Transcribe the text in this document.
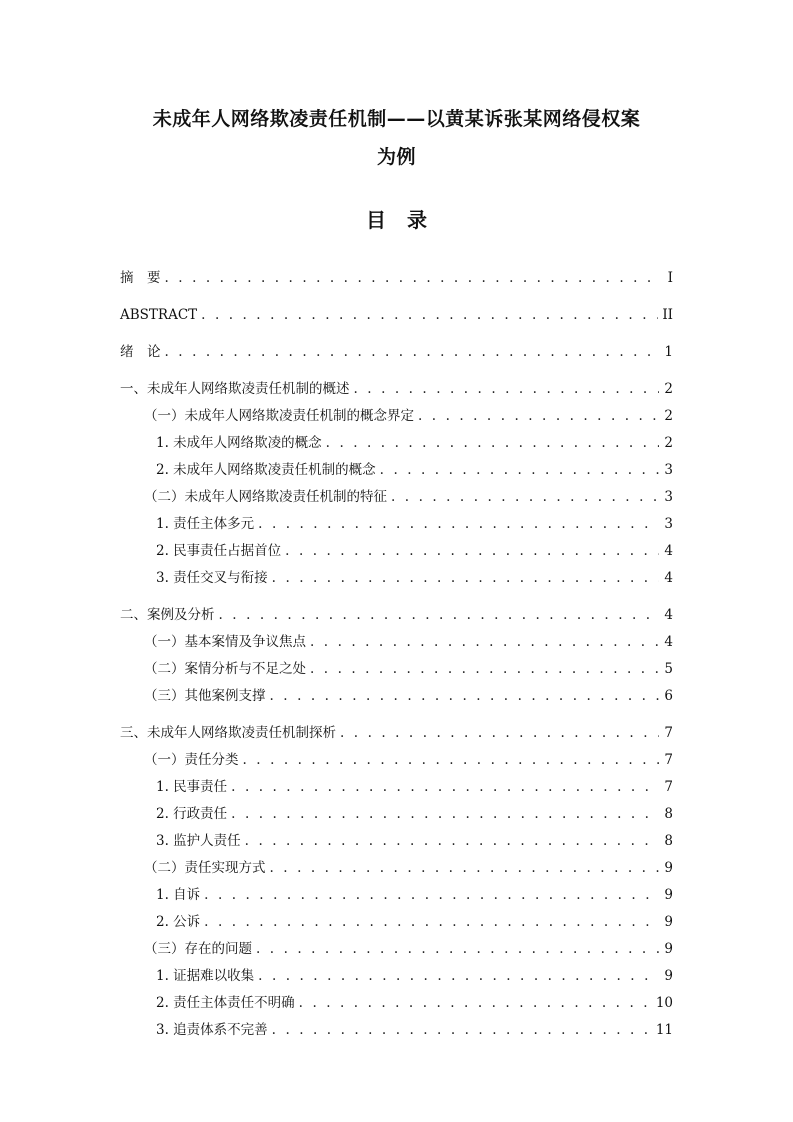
未成年人网络欺凌责任机制——以黄某诉张某网络侵权案

为例

目 录
摘　要 . . .	I
ABSTRACT . . .	II
绪　论 . . .	1
一、未成年人网络欺凌责任机制的概述 . . .	2
（一）未成年人网络欺凌责任机制的概念界定 . . .	2
1. 未成年人网络欺凌的概念 . . .	2
2. 未成年人网络欺凌责任机制的概念 . . .	3
（二）未成年人网络欺凌责任机制的特征 . . .	3
1. 责任主体多元 . . .	3
2. 民事责任占据首位 . . .	4
3. 责任交叉与衔接 . . .	4
二、案例及分析 . . .	4
（一）基本案情及争议焦点 . . .	4
（二）案情分析与不足之处 . . .	5
（三）其他案例支撑 . . .	6
三、未成年人网络欺凌责任机制探析 . . .	7
（一）责任分类 . . .	7
1. 民事责任 . . .	7
2. 行政责任 . . .	8
3. 监护人责任 . . .	8
（二）责任实现方式 . . .	9
1. 自诉 . . .	9
2. 公诉 . . .	9
（三）存在的问题 . . .	9
1. 证据难以收集 . . .	9
2. 责任主体责任不明确 . . .	10
3. 追责体系不完善 . . .	11
